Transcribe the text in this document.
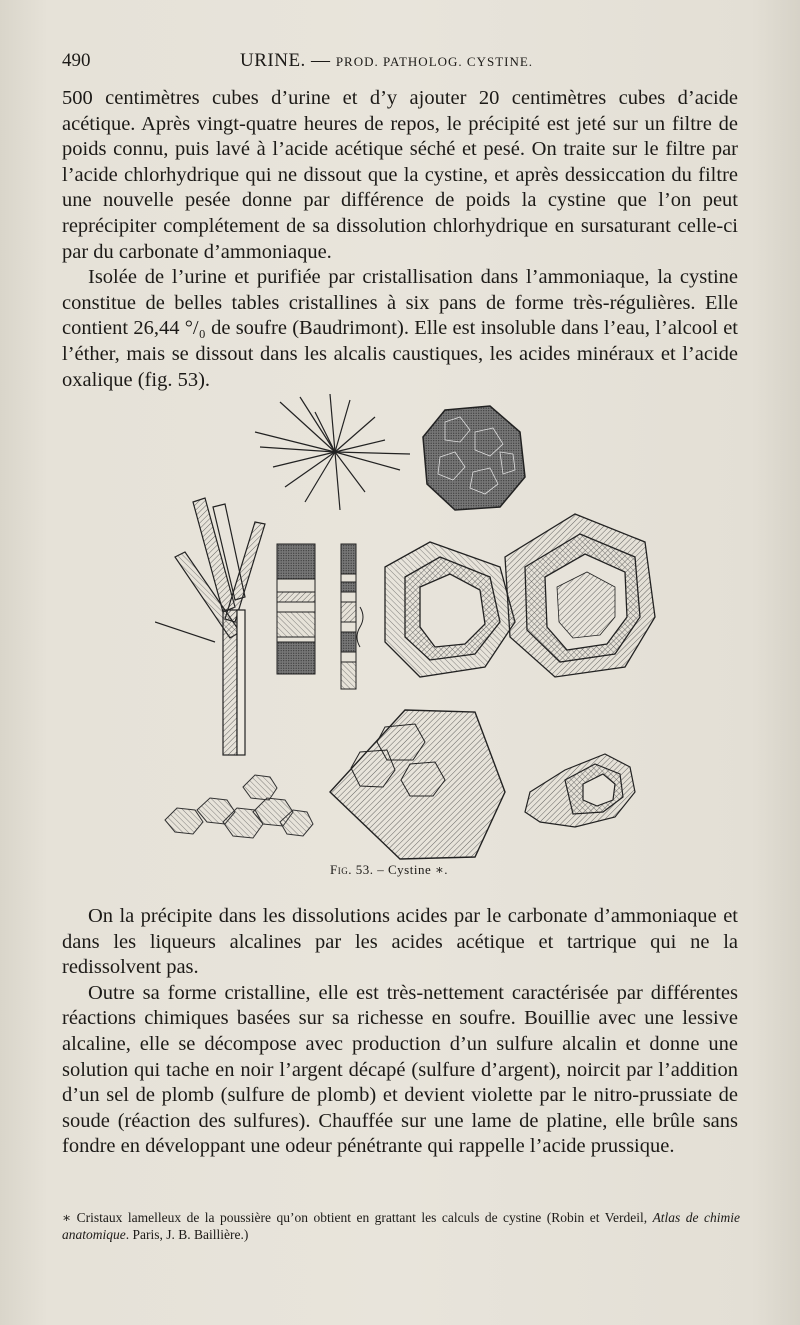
490	URINE. — PROD. PATHOLOG. CYSTINE.

500 centimètres cubes d’urine et d’y ajouter 20 centimètres cubes d’acide acétique. Après vingt-quatre heures de repos, le précipité est jeté sur un filtre de poids connu, puis lavé à l’acide acétique séché et pesé. On traite sur le filtre par l’acide chlorhydrique qui ne dissout que la cystine, et après dessiccation du filtre une nouvelle pesée donne par différence de poids la cystine que l’on peut reprécipiter complétement de sa dissolution chlorhydrique en sursaturant celle-ci par du carbonate d’ammoniaque.

Isolée de l’urine et purifiée par cristallisation dans l’ammoniaque, la cystine constitue de belles tables cristallines à six pans de forme très-régulières. Elle contient 26,44 °/₀ de soufre (Baudrimont). Elle est insoluble dans l’eau, l’alcool et l’éther, mais se dissout dans les alcalis caustiques, les acides minéraux et l’acide oxalique (fig. 53).

Fig. 53. – Cystine ∗.

On la précipite dans les dissolutions acides par le carbonate d’ammoniaque et dans les liqueurs alcalines par les acides acétique et tartrique qui ne la redissolvent pas.

Outre sa forme cristalline, elle est très-nettement caractérisée par différentes réactions chimiques basées sur sa richesse en soufre. Bouillie avec une lessive alcaline, elle se décompose avec production d’un sulfure alcalin et donne une solution qui tache en noir l’argent décapé (sulfure d’argent), noircit par l’addition d’un sel de plomb (sulfure de plomb) et devient violette par le nitro-prussiate de soude (réaction des sulfures). Chauffée sur une lame de platine, elle brûle sans fondre en développant une odeur pénétrante qui rappelle l’acide prussique.

∗ Cristaux lamelleux de la poussière qu’on obtient en grattant les calculs de cystine (Robin et Verdeil, Atlas de chimie anatomique. Paris, J. B. Baillière.)
